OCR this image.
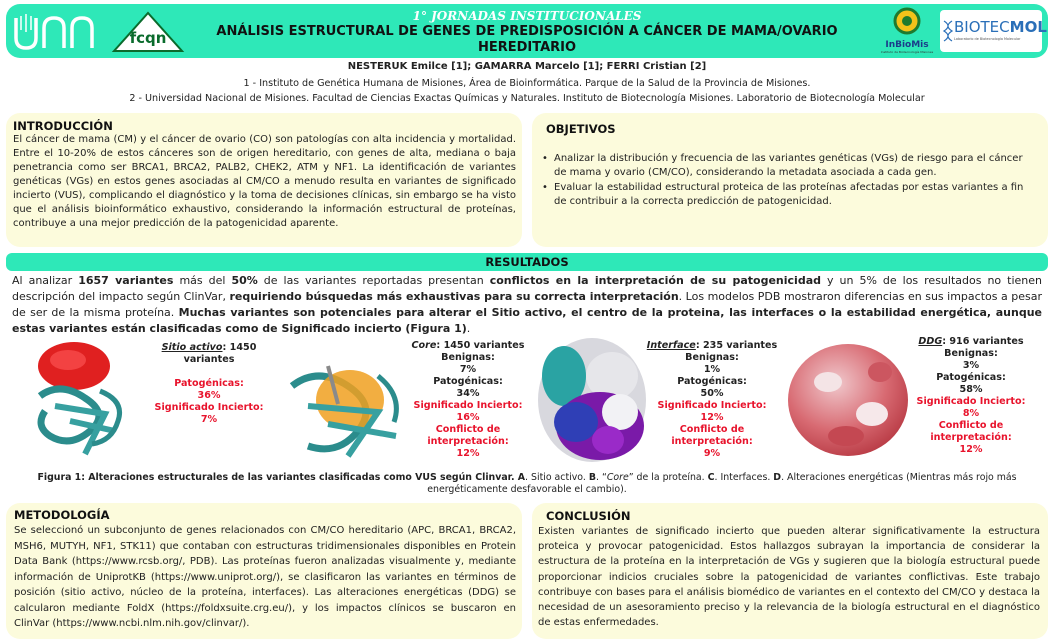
fcqn
1° JORNADAS INSTITUCIONALES
ANÁLISIS ESTRUCTURAL DE GENES DE PREDISPOSICIÓN A CÁNCER DE MAMA/OVARIO
HEREDITARIO	InBioMis
Instituto de Biotecnología Misiones
BIOTECMOL
Laboratorio de Biotecnología Molecular
NESTERUK Emilce [1]; GAMARRA Marcelo [1]; FERRI Cristian [2]
1 - Instituto de Genética Humana de Misiones, Área de Bioinformática. Parque de la Salud de la Provincia de Misiones.
2 - Universidad Nacional de Misiones. Facultad de Ciencias Exactas Químicas y Naturales. Instituto de Biotecnología Misiones. Laboratorio de Biotecnología Molecular
INTRODUCCIÓN
El cáncer de mama (CM) y el cáncer de ovario (CO) son patologías con alta incidencia y mortalidad. Entre el 10-20% de estos cánceres son de origen hereditario, con genes de alta, mediana o baja penetrancia como ser BRCA1, BRCA2, PALB2, CHEK2, ATM y NF1. La identificación de variantes genéticas (VGs) en estos genes asociadas al CM/CO a menudo resulta en variantes de significado incierto (VUS), complicando el diagnóstico y la toma de decisiones clínicas, sin embargo se ha visto que el análisis bioinformático exhaustivo, considerando la información estructural de proteínas, contribuye a una mejor predicción de la patogenicidad aparente.
OBJETIVOS
• Analizar la distribución y frecuencia de las variantes genéticas (VGs) de riesgo para el cáncer de mama y ovario (CM/CO), considerando la metadata asociada a cada gen.
• Evaluar la estabilidad estructural proteica de las proteínas afectadas por estas variantes a fin de contribuir a la correcta predicción de patogenicidad.
RESULTADOS
Al analizar 1657 variantes más del 50% de las variantes reportadas presentan conflictos en la interpretación de su patogenicidad y un 5% de los resultados no tienen descripción del impacto según ClinVar, requiriendo búsquedas más exhaustivas para su correcta interpretación. Los modelos PDB mostraron diferencias en sus impactos a pesar de ser de la misma proteína. Muchas variantes son potenciales para alterar el Sitio activo, el centro de la proteina, las interfaces o la estabilidad energética, aunque estas variantes están clasificadas como de Significado incierto (Figura 1).
Sitio activo: 1450 variantes
Patogénicas:
36%
Significado Incierto:
7%
Core: 1450 variantes
Benignas:
7%
Patogénicas:
34%
Significado Incierto:
16%
Conflicto de
interpretación:
12%
Interface: 235 variantes
Benignas:
1%
Patogénicas:
50%
Significado Incierto:
12%
Conflicto de
interpretación:
9%
DDG: 916 variantes
Benignas:
3%
Patogénicas:
58%
Significado Incierto:
8%
Conflicto de
interpretación:
12%
Figura 1: Alteraciones estructurales de las variantes clasificadas como VUS según Clinvar. A. Sitio activo. B. “Core” de la proteína. C. Interfaces. D. Alteraciones energéticas (Mientras más rojo más energéticamente desfavorable el cambio).
METODOLOGÍA
Se seleccionó un subconjunto de genes relacionados con CM/CO hereditario (APC, BRCA1, BRCA2, MSH6, MUTYH, NF1, STK11) que contaban con estructuras tridimensionales disponibles en Protein Data Bank (https://www.rcsb.org/, PDB). Las proteínas fueron analizadas visualmente y, mediante información de UniprotKB (https://www.uniprot.org/), se clasificaron las variantes en términos de posición (sitio activo, núcleo de la proteína, interfaces). Las alteraciones energéticas (DDG) se calcularon mediante FoldX (https://foldxsuite.crg.eu/), y los impactos clínicos se buscaron en ClinVar (https://www.ncbi.nlm.nih.gov/clinvar/).
CONCLUSIÓN
Existen variantes de significado incierto que pueden alterar significativamente la estructura proteica y provocar patogenicidad. Estos hallazgos subrayan la importancia de considerar la estructura de la proteína en la interpretación de VGs y sugieren que la biología estructural puede proporcionar indicios cruciales sobre la patogenicidad de variantes conflictivas. Este trabajo contribuye con bases para el análisis biomédico de variantes en el contexto del CM/CO y destaca la necesidad de un asesoramiento preciso y la relevancia de la biología estructural en el diagnóstico de estas enfermedades.
